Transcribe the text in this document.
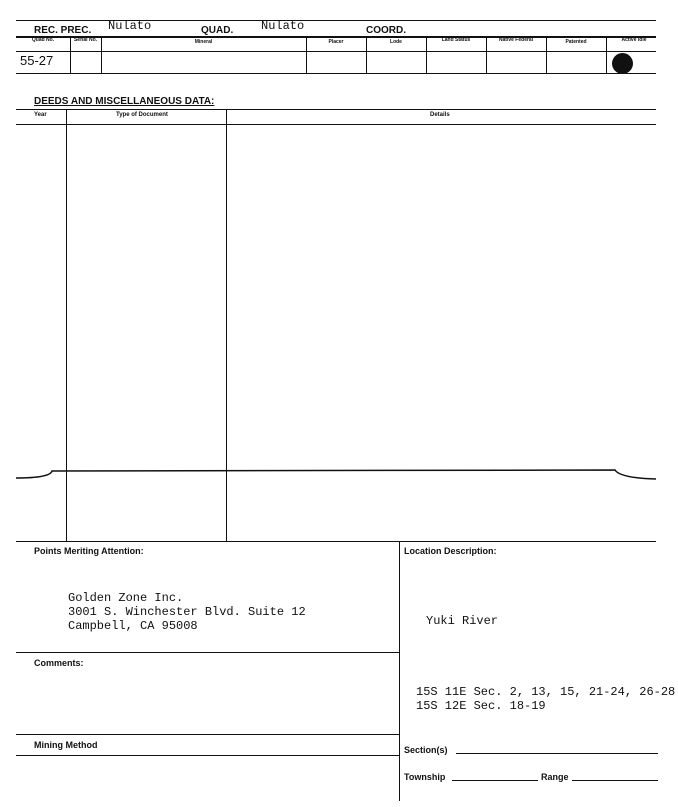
REC. PREC. Nulato	QUAD. Nulato	COORD.
Quad No.	Serial No.	Mineral	Placer	Lode	Land Status	Native Federal	Patented	Active Idle
55-27
DEEDS AND MISCELLANEOUS DATA:
Year	Type of Document	Details
Points Meriting Attention:
Golden Zone Inc.
3001 S. Winchester Blvd. Suite 12
Campbell, CA 95008
Comments:
Mining Method
Location Description:
Yuki River
15S 11E Sec. 2, 13, 15, 21-24, 26-28
15S 12E Sec. 18-19
Section(s)
Township	Range
